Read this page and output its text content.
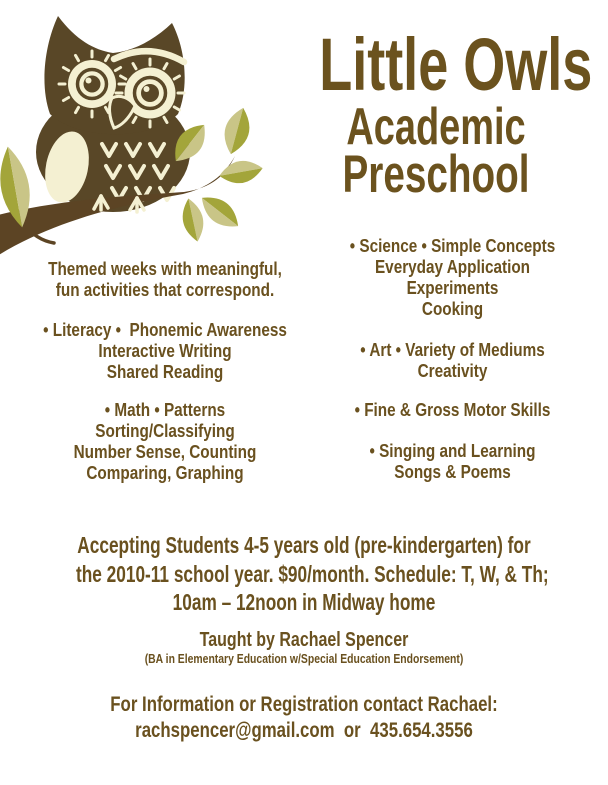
Little Owls
Academic
Preschool
Themed weeks with meaningful,
fun activities that correspond.
• Literacy •  Phonemic Awareness
Interactive Writing
Shared Reading
• Math • Patterns
Sorting/Classifying
Number Sense, Counting
Comparing, Graphing
• Science • Simple Concepts
Everyday Application
Experiments
Cooking
• Art • Variety of Mediums
Creativity
• Fine & Gross Motor Skills
• Singing and Learning
Songs & Poems
Accepting Students 4-5 years old (pre-kindergarten) for
the 2010-11 school year. $90/month. Schedule: T, W, & Th;
10am – 12noon in Midway home
Taught by Rachael Spencer
(BA in Elementary Education w/Special Education Endorsement)
For Information or Registration contact Rachael:
rachspencer@gmail.com  or  435.654.3556
